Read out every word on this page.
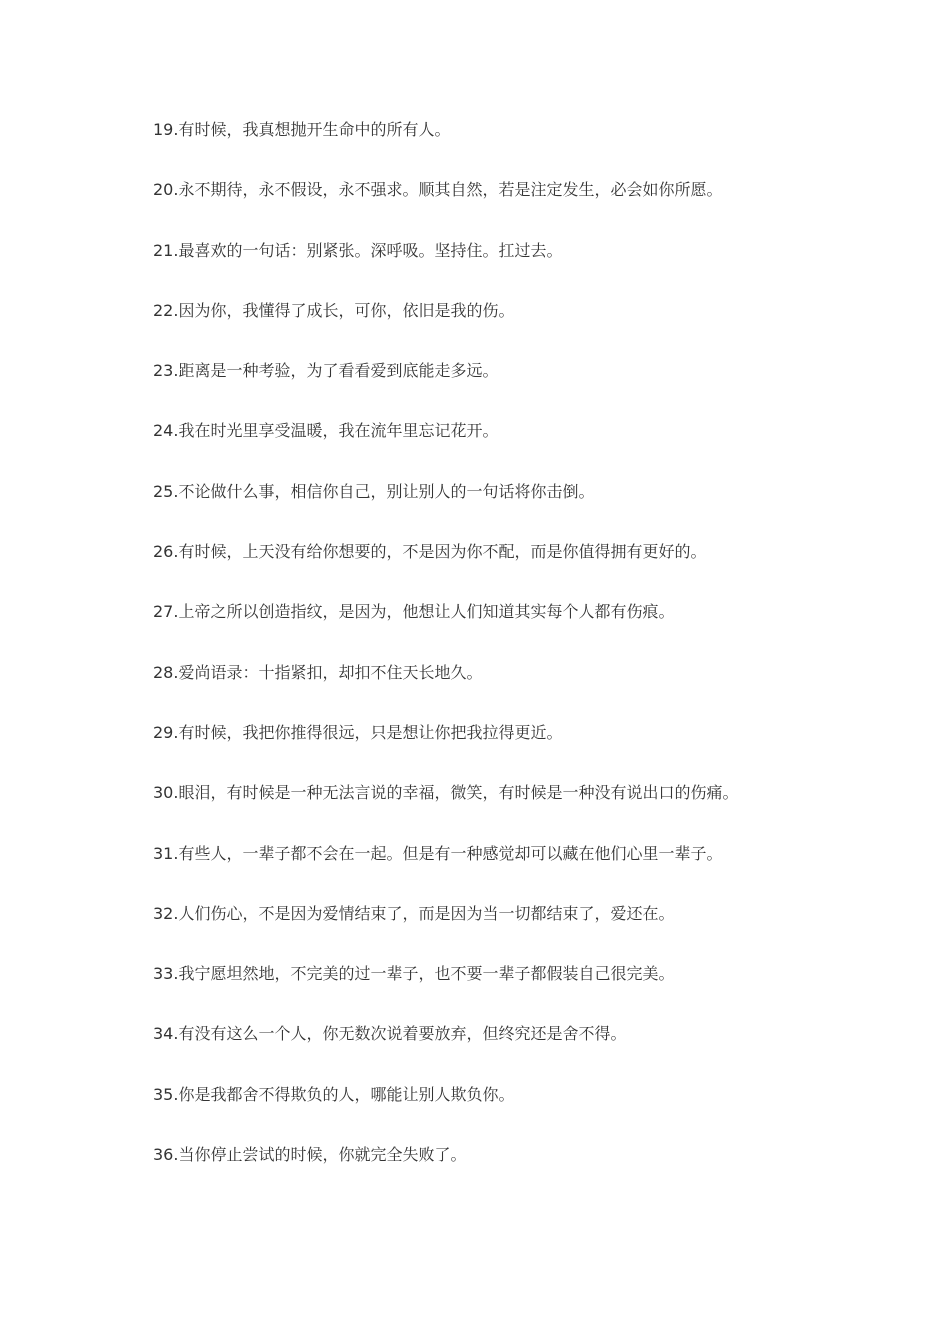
19.有时候，我真想抛开生命中的所有人。
20.永不期待，永不假设，永不强求。顺其自然，若是注定发生，必会如你所愿。
21.最喜欢的一句话：别紧张。深呼吸。坚持住。扛过去。
22.因为你，我懂得了成长，可你，依旧是我的伤。
23.距离是一种考验，为了看看爱到底能走多远。
24.我在时光里享受温暖，我在流年里忘记花开。
25.不论做什么事，相信你自己，别让别人的一句话将你击倒。
26.有时候，上天没有给你想要的，不是因为你不配，而是你值得拥有更好的。
27.上帝之所以创造指纹，是因为，他想让人们知道其实每个人都有伤痕。
28.爱尚语录：十指紧扣，却扣不住天长地久。
29.有时候，我把你推得很远，只是想让你把我拉得更近。
30.眼泪，有时候是一种无法言说的幸福，微笑，有时候是一种没有说出口的伤痛。
31.有些人，一辈子都不会在一起。但是有一种感觉却可以藏在他们心里一辈子。
32.人们伤心，不是因为爱情结束了，而是因为当一切都结束了，爱还在。
33.我宁愿坦然地，不完美的过一辈子，也不要一辈子都假装自己很完美。
34.有没有这么一个人，你无数次说着要放弃，但终究还是舍不得。
35.你是我都舍不得欺负的人，哪能让别人欺负你。
36.当你停止尝试的时候，你就完全失败了。
